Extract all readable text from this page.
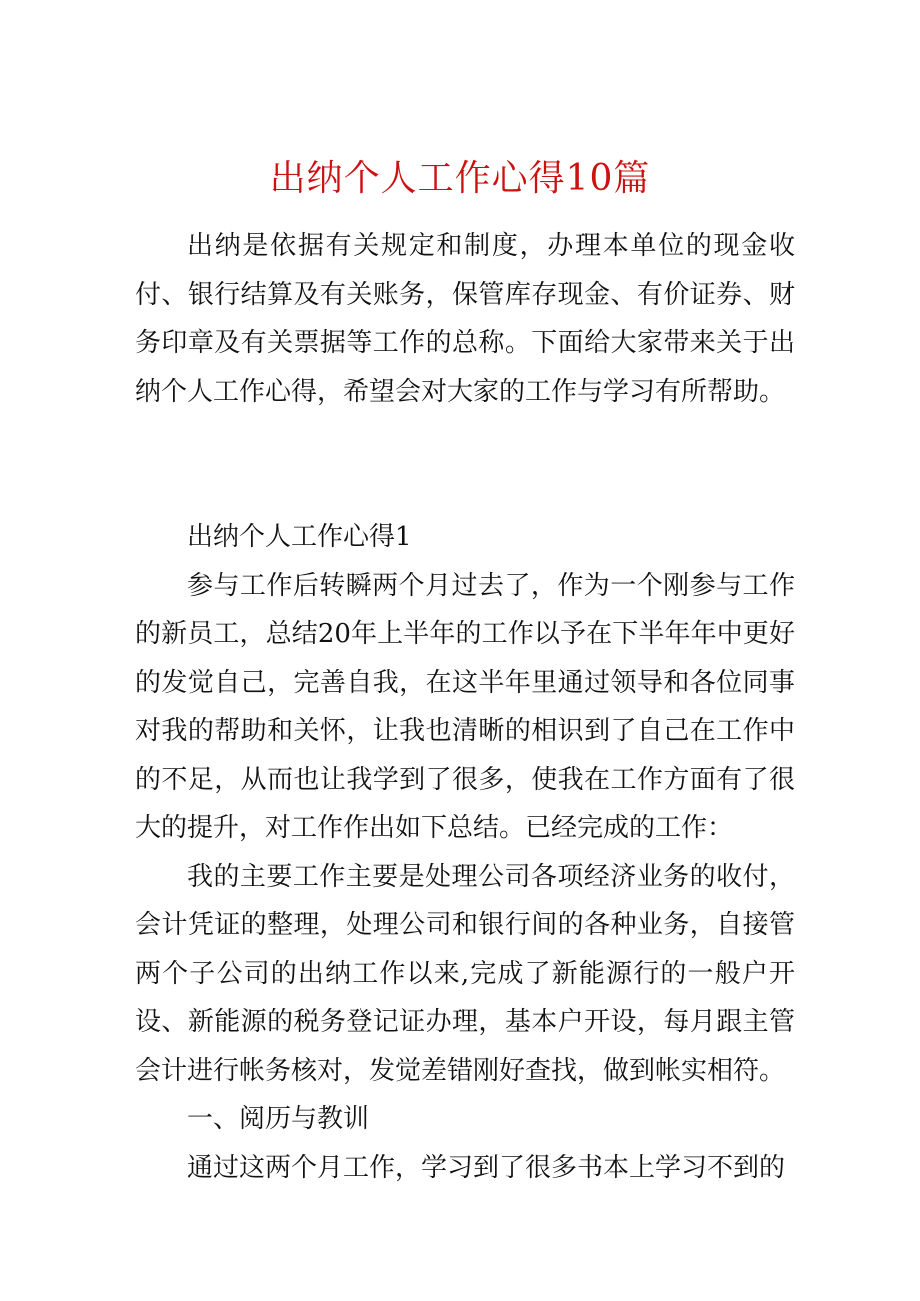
出纳个人工作心得10篇

出纳是依据有关规定和制度，办理本单位的现金收付、银行结算及有关账务，保管库存现金、有价证券、财务印章及有关票据等工作的总称。下面给大家带来关于出纳个人工作心得，希望会对大家的工作与学习有所帮助。

出纳个人工作心得1

参与工作后转瞬两个月过去了，作为一个刚参与工作的新员工，总结20年上半年的工作以予在下半年年中更好的发觉自己，完善自我，在这半年里通过领导和各位同事对我的帮助和关怀，让我也清晰的相识到了自己在工作中的不足，从而也让我学到了很多，使我在工作方面有了很大的提升，对工作作出如下总结。已经完成的工作：

我的主要工作主要是处理公司各项经济业务的收付，会计凭证的整理，处理公司和银行间的各种业务，自接管两个子公司的出纳工作以来,完成了新能源行的一般户开设、新能源的税务登记证办理，基本户开设，每月跟主管会计进行帐务核对，发觉差错刚好查找，做到帐实相符。

一、阅历与教训

通过这两个月工作，学习到了很多书本上学习不到的
